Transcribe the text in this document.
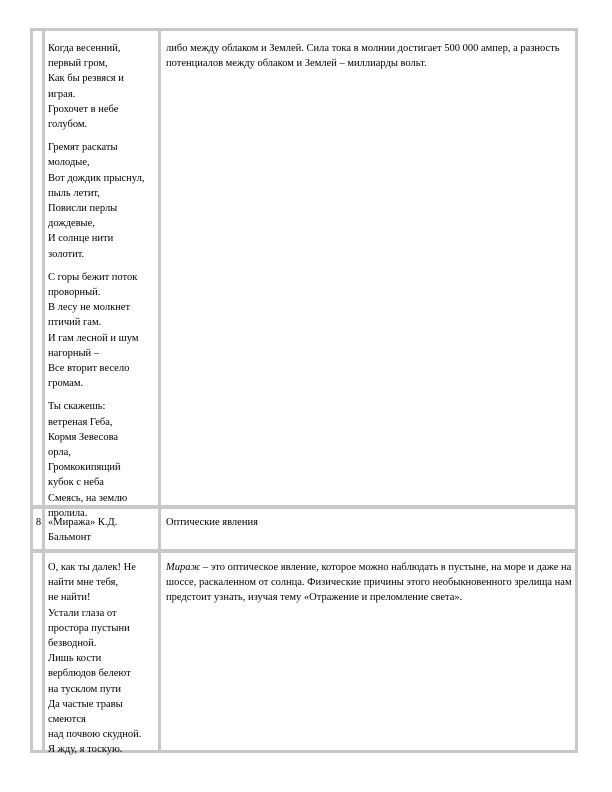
Когда весенний,
первый гром,
Как бы резвяся и
играя.
Грохочет в небе
голубом.
Гремят раскаты
молодые,
Вот дождик прыснул,
пыль летит,
Повисли перлы
дождевые,
И солнце нити
золотит.
С горы бежит поток
проворный.
В лесу не молкнет
птичий гам.
И гам лесной и шум
нагорный –
Все вторит весело
громам.
Ты скажешь:
ветреная Геба,
Кормя Зевесова
орла,
Громкокипящий
кубок с неба
Смеясь, на землю
пролила.
либо между облаком и Землей. Сила тока в молнии достигает 500 000 ампер, а разность потенциалов между облаком и Землей – миллиарды вольт.
8 «Миража» К.Д. Бальмонт
Оптические явления
О, как ты далек! Не
найти мне тебя,
не найти!
Устали глаза от
простора пустыни
безводной.
Лишь кости
верблюдов белеют
на тусклом пути
Да частые травы
смеются
над почвою скудной.
Я жду, я тоскую.
Мираж – это оптическое явление, которое можно наблюдать в пустыне, на море и даже на шоссе, раскаленном от солнца. Физические причины этого необыкновенного зрелища нам предстоит узнать, изучая тему «Отражение и преломление света».
